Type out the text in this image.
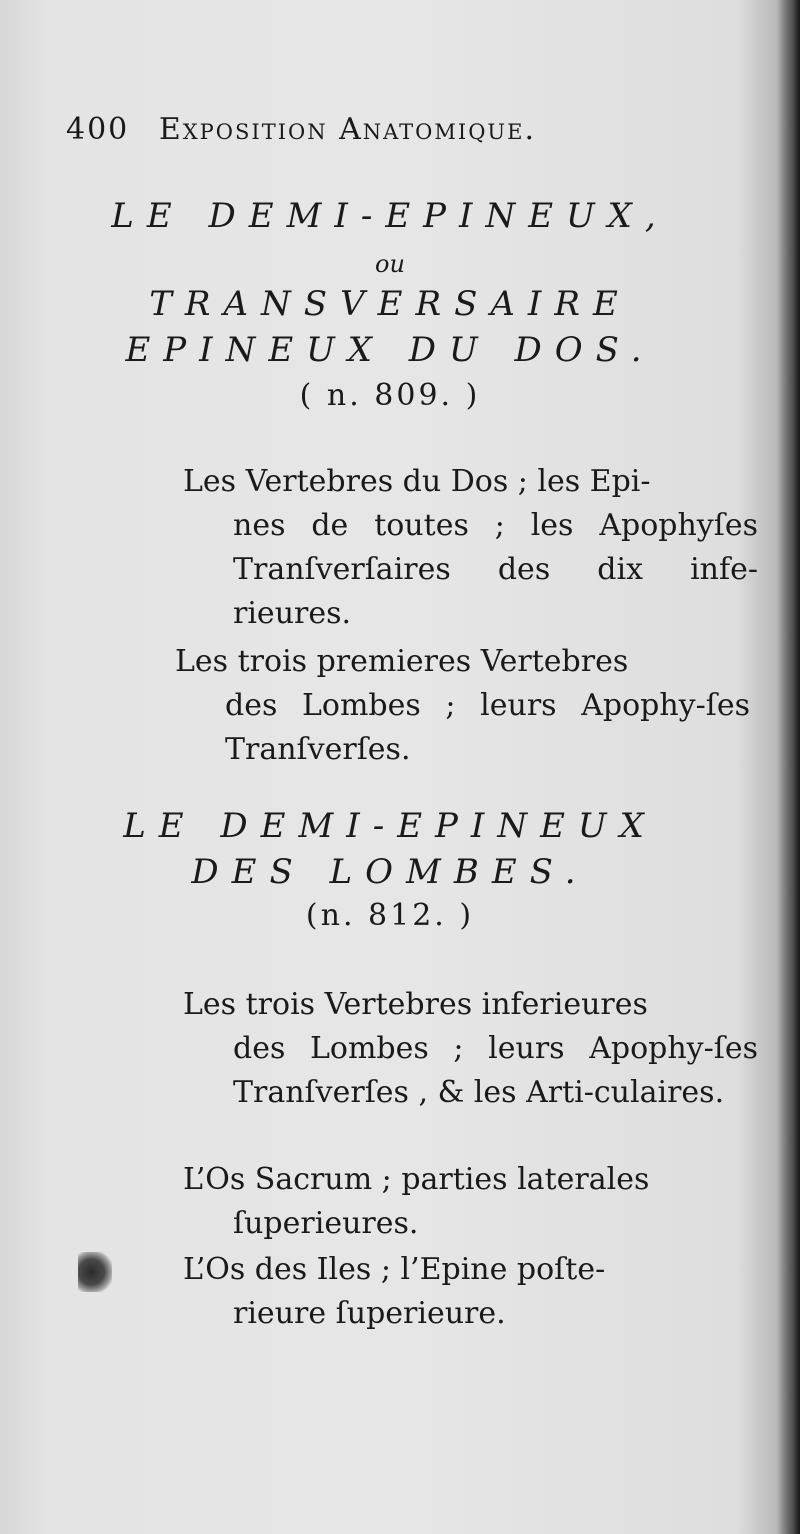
400 Exposition Anatomique.
LE DEMI-EPINEUX,
ou
TRANSVERSAIRE
EPINEUX DU DOS.
( n. 809. )
Les Vertebres du Dos ; les Epi-
nes de toutes ; les Apophyſes Tranſverſaires des dix infe-rieures.
Les trois premieres Vertebres
des Lombes ; leurs Apophy-ſes Tranſverſes.
LE DEMI-EPINEUX
DES LOMBES.
(n. 812. )
Les trois Vertebres inferieures
des Lombes ; leurs Apophy-ſes Tranſverſes , & les Arti-culaires.
L’Os Sacrum ; parties laterales
ſuperieures.
L’Os des Iles ; l’Epine poſte-
rieure ſuperieure.
